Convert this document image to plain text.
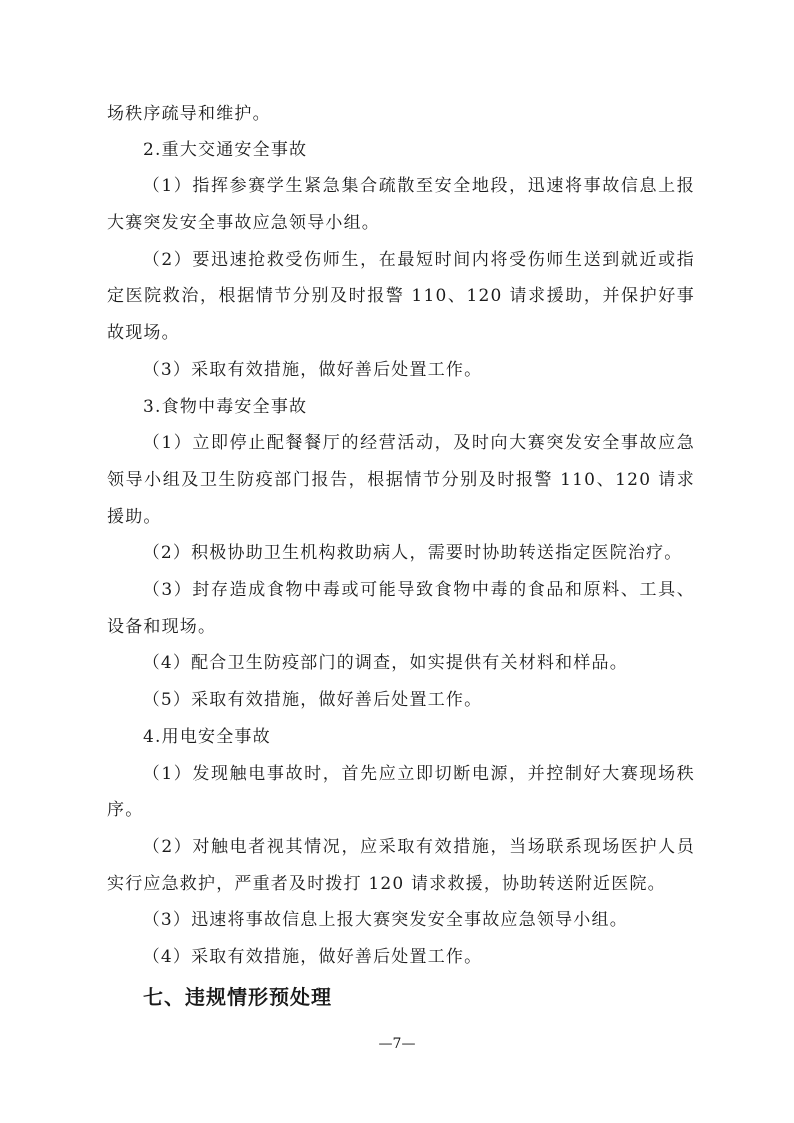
场秩序疏导和维护。

2.重大交通安全事故

（1）指挥参赛学生紧急集合疏散至安全地段，迅速将事故信息上报大赛突发安全事故应急领导小组。

（2）要迅速抢救受伤师生，在最短时间内将受伤师生送到就近或指定医院救治，根据情节分别及时报警 110、120 请求援助，并保护好事故现场。

（3）采取有效措施，做好善后处置工作。

3.食物中毒安全事故

（1）立即停止配餐餐厅的经营活动，及时向大赛突发安全事故应急领导小组及卫生防疫部门报告，根据情节分别及时报警 110、120 请求援助。

（2）积极协助卫生机构救助病人，需要时协助转送指定医院治疗。

（3）封存造成食物中毒或可能导致食物中毒的食品和原料、工具、设备和现场。

（4）配合卫生防疫部门的调查，如实提供有关材料和样品。

（5）采取有效措施，做好善后处置工作。

4.用电安全事故

（1）发现触电事故时，首先应立即切断电源，并控制好大赛现场秩序。

（2）对触电者视其情况，应采取有效措施，当场联系现场医护人员实行应急救护，严重者及时拨打 120 请求救援，协助转送附近医院。

（3）迅速将事故信息上报大赛突发安全事故应急领导小组。

（4）采取有效措施，做好善后处置工作。

七、违规情形预处理

—7—
